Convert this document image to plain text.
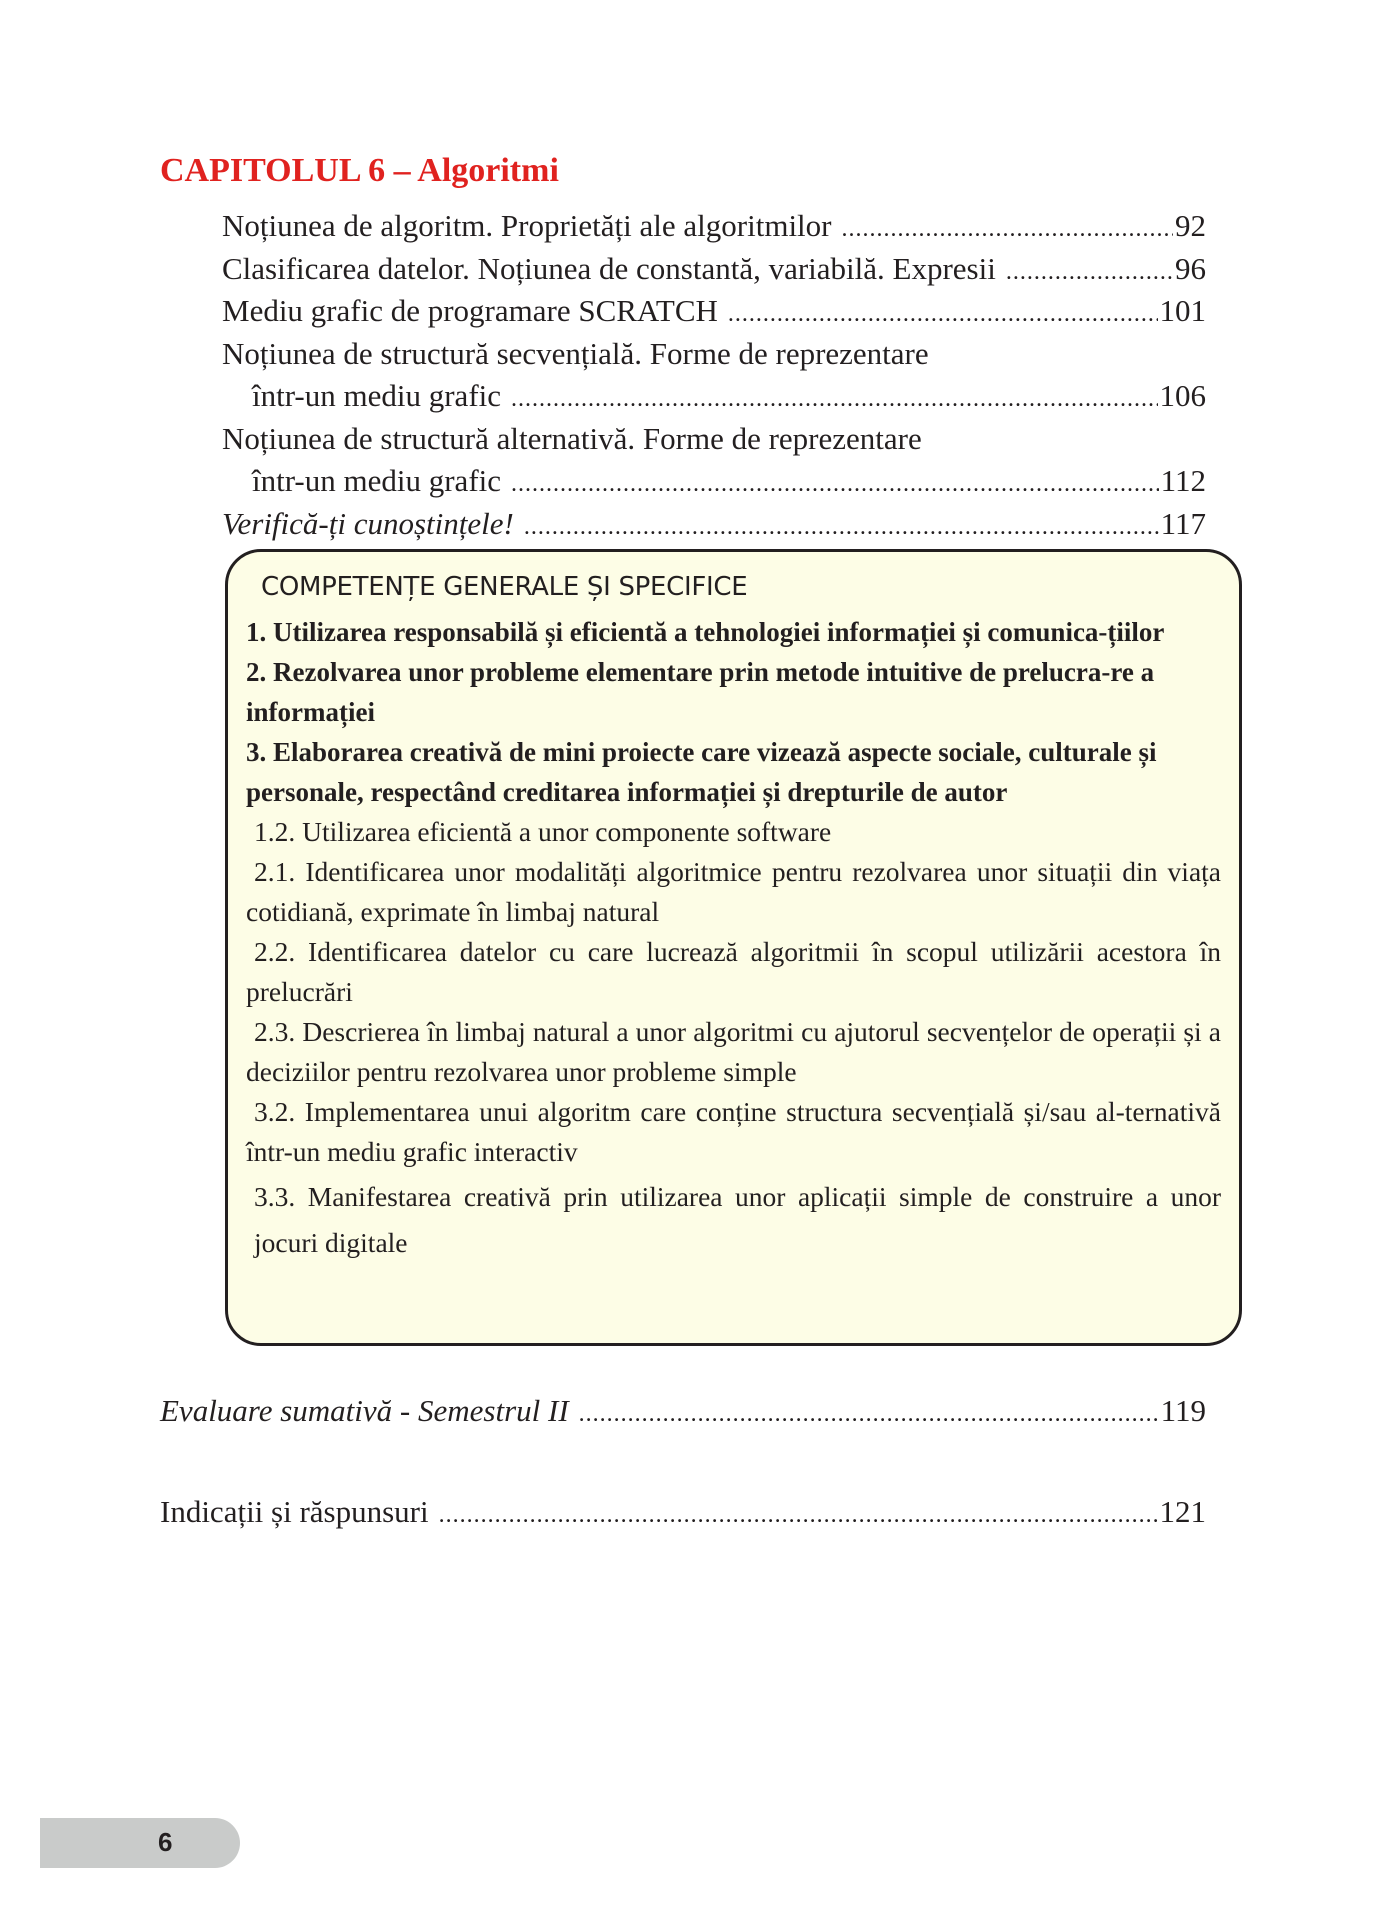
CAPITOLUL 6 – Algoritmi
Noțiunea de algoritm. Proprietăți ale algoritmilor .....	92
Clasificarea datelor. Noțiunea de constantă, variabilă. Expresii .....	96
Mediu grafic de programare SCRATCH .....	101
Noțiunea de structură secvențială. Forme de reprezentare
într-un mediu grafic .....	106
Noțiunea de structură alternativă. Forme de reprezentare
într-un mediu grafic .....	112
Verifică-ți cunoștințele! .....	117
COMPETENȚE GENERALE ȘI SPECIFICE
1. Utilizarea responsabilă și eficientă a tehnologiei informației și comunica-țiilor
2. Rezolvarea unor probleme elementare prin metode intuitive de prelucra-re a informației
3. Elaborarea creativă de mini proiecte care vizează aspecte sociale, culturale și personale, respectând creditarea informației și drepturile de autor
1.2. Utilizarea eficientă a unor componente software
2.1. Identificarea unor modalități algoritmice pentru rezolvarea unor situații din viața cotidiană, exprimate în limbaj natural
2.2. Identificarea datelor cu care lucrează algoritmii în scopul utilizării acestora în prelucrări
2.3. Descrierea în limbaj natural a unor algoritmi cu ajutorul secvențelor de operații și a deciziilor pentru rezolvarea unor probleme simple
3.2. Implementarea unui algoritm care conține structura secvențială și/sau al-ternativă într-un mediu grafic interactiv
3.3. Manifestarea creativă prin utilizarea unor aplicații simple de construire a unor jocuri digitale
Evaluare sumativă - Semestrul II .....	119
Indicații și răspunsuri .....	121
6
